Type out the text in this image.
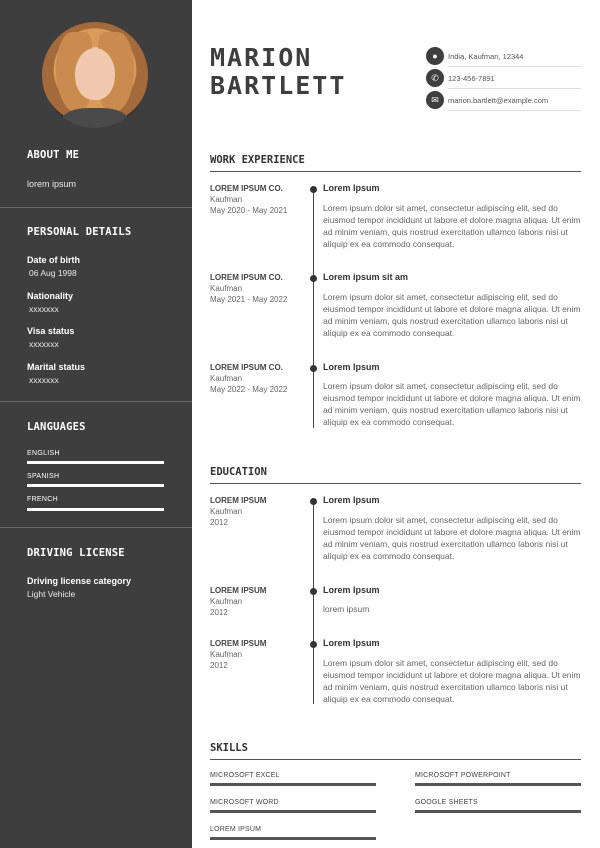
ABOUT ME
lorem ipsum
PERSONAL DETAILS
Date of birth
06 Aug 1998
Nationality
xxxxxxx
Visa status
xxxxxxx
Marital status
xxxxxxx
LANGUAGES
ENGLISH
SPANISH
FRENCH
DRIVING LICENSE
Driving license category
Light Vehicle
MARION
BARTLETT
●	India, Kaufman, 12344
✆	123-456-7891
✉	marion.bartlett@example.com
WORK EXPERIENCE
LOREM IPSUM CO.
Kaufman
May 2020 - May 2021
Lorem Ipsum
Lorem ipsum dolor sit amet, consectetur adipiscing elit, sed do eiusmod tempor incididunt ut labore et dolore magna aliqua. Ut enim ad minim veniam, quis nostrud exercitation ullamco laboris nisi ut aliquip ex ea commodo consequat.
LOREM IPSUM CO.
Kaufman
May 2021 - May 2022
Lorem ipsum sit am
Lorem ipsum dolor sit amet, consectetur adipiscing elit, sed do eiusmod tempor incididunt ut labore et dolore magna aliqua. Ut enim ad minim veniam, quis nostrud exercitation ullamco laboris nisi ut aliquip ex ea commodo consequat.
LOREM IPSUM CO.
Kaufman
May 2022 - May 2022
Lorem Ipsum
Lorem ipsum dolor sit amet, consectetur adipiscing elit, sed do eiusmod tempor incididunt ut labore et dolore magna aliqua. Ut enim ad minim veniam, quis nostrud exercitation ullamco laboris nisi ut aliquip ex ea commodo consequat.
EDUCATION
LOREM IPSUM
Kaufman
2012
Lorem Ipsum
Lorem ipsum dolor sit amet, consectetur adipiscing elit, sed do eiusmod tempor incididunt ut labore et dolore magna aliqua. Ut enim ad minim veniam, quis nostrud exercitation ullamco laboris nisi ut aliquip ex ea commodo consequat.
LOREM IPSUM
Kaufman
2012
Lorem Ipsum
lorem ipsum
LOREM IPSUM
Kaufman
2012
Lorem Ipsum
Lorem ipsum dolor sit amet, consectetur adipiscing elit, sed do eiusmod tempor incididunt ut labore et dolore magna aliqua. Ut enim ad minim veniam, quis nostrud exercitation ullamco laboris nisi ut aliquip ex ea commodo consequat.
SKILLS
MICROSOFT EXCEL	MICROSOFT POWERPOINT
MICROSOFT WORD	GOOGLE SHEETS
LOREM IPSUM
